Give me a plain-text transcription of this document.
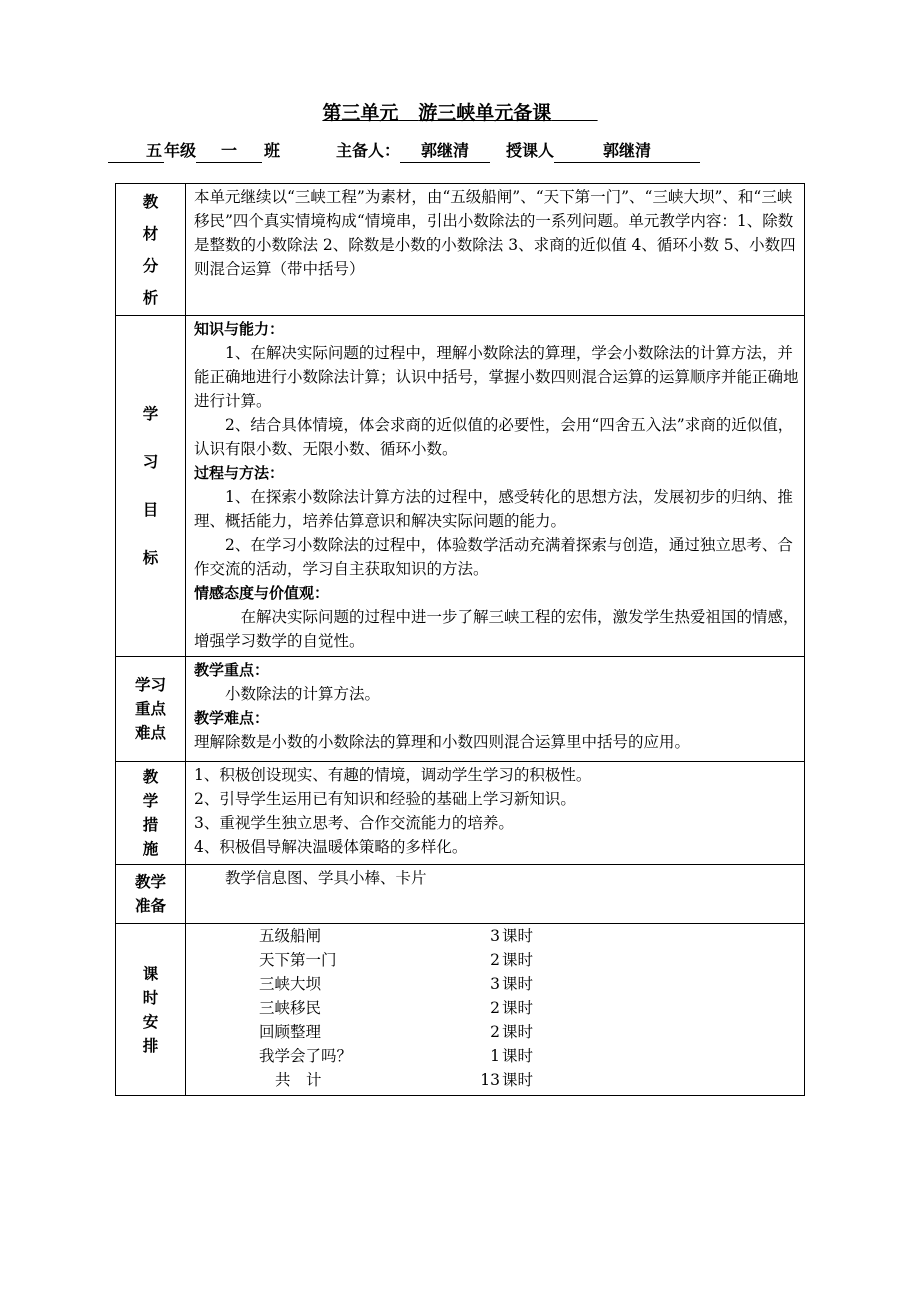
第三单元 游三峡单元备课
五 年级 一 班	主备人： 郭继清 授课人	郭继清
教
材
分
析
	本单元继续以“三峡工程”为素材，由“五级船闸”、“天下第一门”、“三峡大坝”、和“三峡移民”四个真实情境构成“情境串，引出小数除法的一系列问题。单元教学内容：1、除数是整数的小数除法 2、除数是小数的小数除法 3、求商的近似值 4、循环小数 5、小数四则混合运算（带中括号）

学
习
目
标

知识与能力：
1、在解决实际问题的过程中，理解小数除法的算理，学会小数除法的计算方法，并能正确地进行小数除法计算；认识中括号，掌握小数四则混合运算的运算顺序并能正确地进行计算。
2、结合具体情境，体会求商的近似值的必要性，会用“四舍五入法”求商的近似值，认识有限小数、无限小数、循环小数。
过程与方法：
1、在探索小数除法计算方法的过程中，感受转化的思想方法，发展初步的归纳、推理、概括能力，培养估算意识和解决实际问题的能力。
2、在学习小数除法的过程中，体验数学活动充满着探索与创造，通过独立思考、合作交流的活动，学习自主获取知识的方法。
情感态度与价值观：
在解决实际问题的过程中进一步了解三峡工程的宏伟，激发学生热爱祖国的情感，增强学习数学的自觉性。

学习
重点
难点

教学重点：
小数除法的计算方法。
教学难点：
理解除数是小数的小数除法的算理和小数四则混合运算里中括号的应用。

教
学
措
施

1、积极创设现实、有趣的情境，调动学生学习的积极性。
2、引导学生运用已有知识和经验的基础上学习新知识。
3、重视学生独立思考、合作交流能力的培养。
4、积极倡导解决温暖体策略的多样化。

教学
准备

教学信息图、学具小棒、卡片

课
时
安
排

五级船闸	3	课时
天下第一门	2	课时
三峡大坝	3	课时
三峡移民	2	课时
回顾整理	2	课时
我学会了吗？	1	课时
共　计	13	课时
